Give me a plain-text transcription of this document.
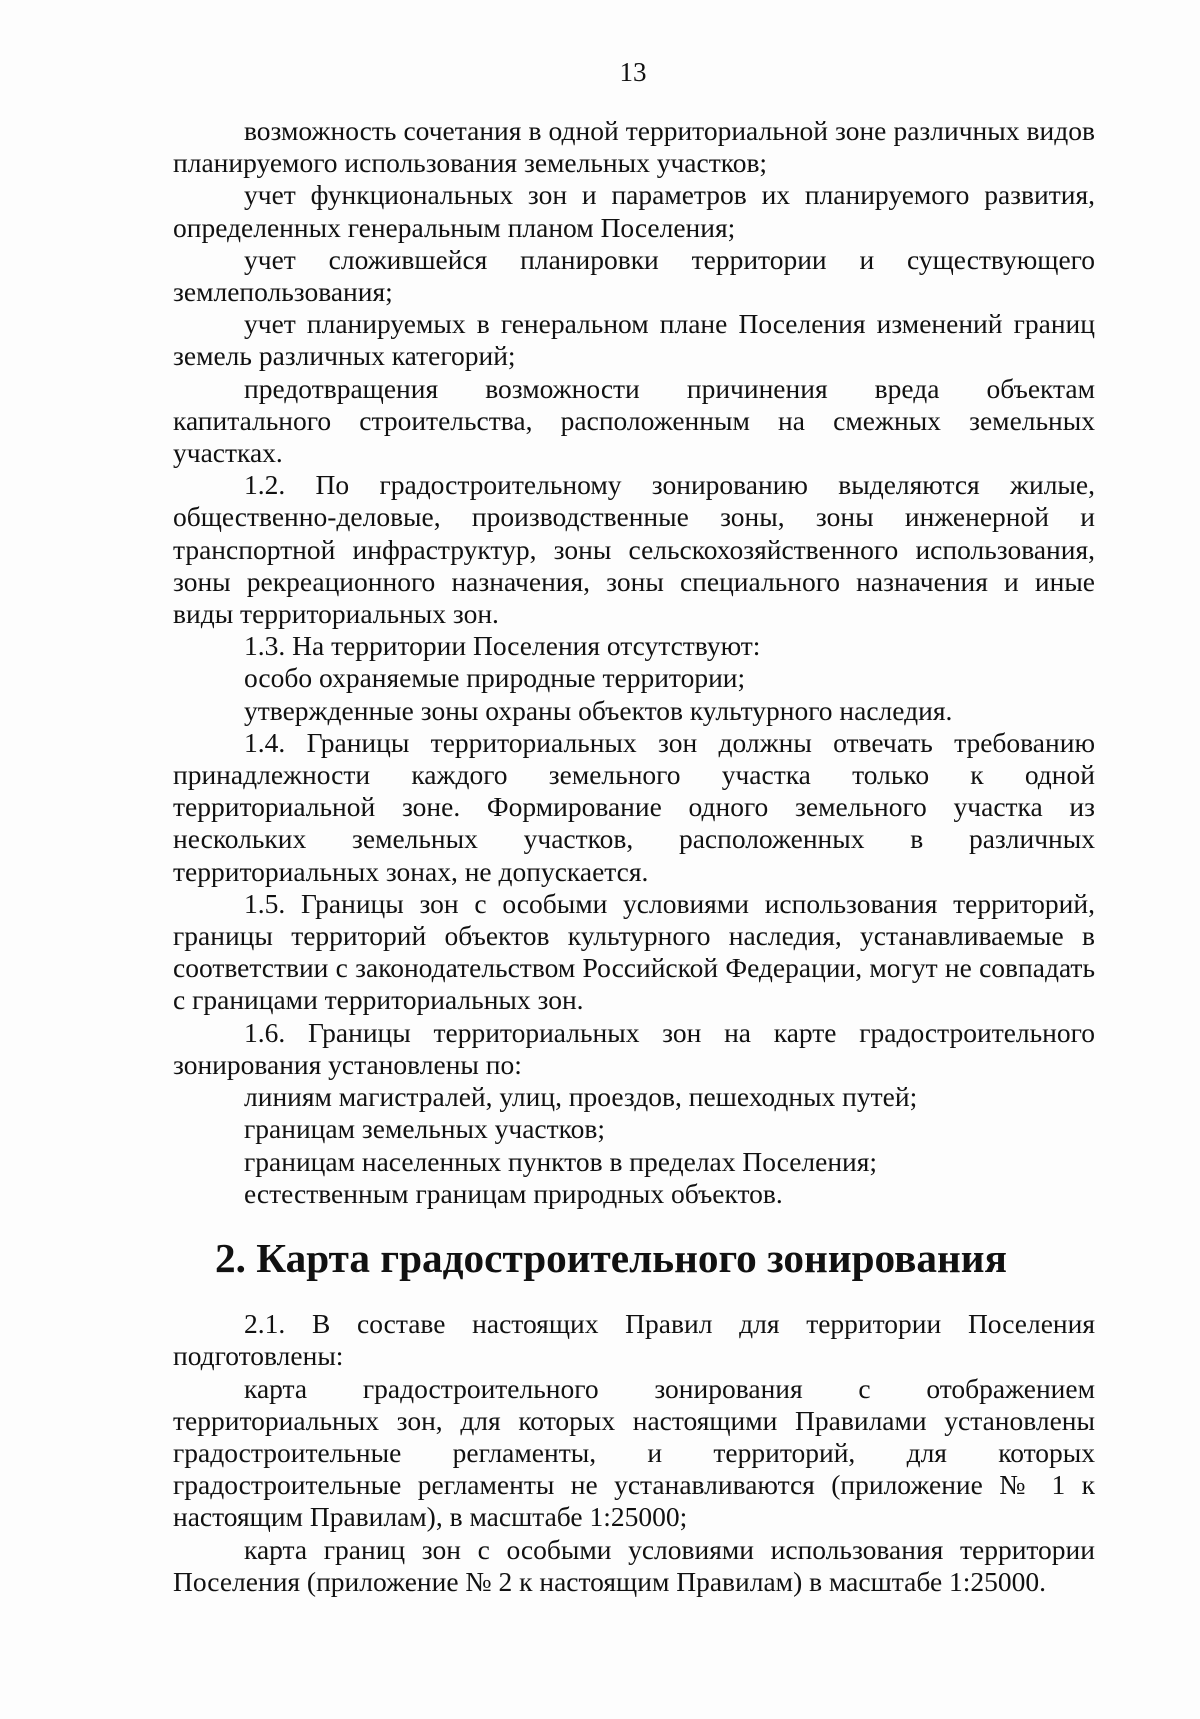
13

возможность сочетания в одной территориальной зоне различных видов планируемого использования земельных участков;

учет функциональных зон и параметров их планируемого развития, определенных генеральным планом Поселения;

учет сложившейся планировки территории и существующего землепользования;

учет планируемых в генеральном плане Поселения изменений границ земель различных категорий;

предотвращения возможности причинения вреда объектам капитального строительства, расположенным на смежных земельных участках.

1.2. По градостроительному зонированию выделяются жилые, общественно-деловые, производственные зоны, зоны инженерной и транспортной инфраструктур, зоны сельскохозяйственного использования, зоны рекреационного назначения, зоны специального назначения и иные виды территориальных зон.

1.3. На территории Поселения отсутствуют:

особо охраняемые природные территории;

утвержденные зоны охраны объектов культурного наследия.

1.4. Границы территориальных зон должны отвечать требованию принадлежности каждого земельного участка только к одной территориальной зоне. Формирование одного земельного участка из нескольких земельных участков, расположенных в различных территориальных зонах, не допускается.

1.5. Границы зон с особыми условиями использования территорий, границы территорий объектов культурного наследия, устанавливаемые в соответствии с законодательством Российской Федерации, могут не совпадать с границами территориальных зон.

1.6. Границы территориальных зон на карте градостроительного зонирования установлены по:

линиям магистралей, улиц, проездов, пешеходных путей;

границам земельных участков;

границам населенных пунктов в пределах Поселения;

естественным границам природных объектов.

2. Карта градостроительного зонирования

2.1. В составе настоящих Правил для территории Поселения подготовлены:

карта градостроительного зонирования с отображением территориальных зон, для которых настоящими Правилами установлены градостроительные регламенты, и территорий, для которых градостроительные регламенты не устанавливаются (приложение № 1 к настоящим Правилам), в масштабе 1:25000;

карта границ зон с особыми условиями использования территории Поселения (приложение № 2 к настоящим Правилам) в масштабе 1:25000.
